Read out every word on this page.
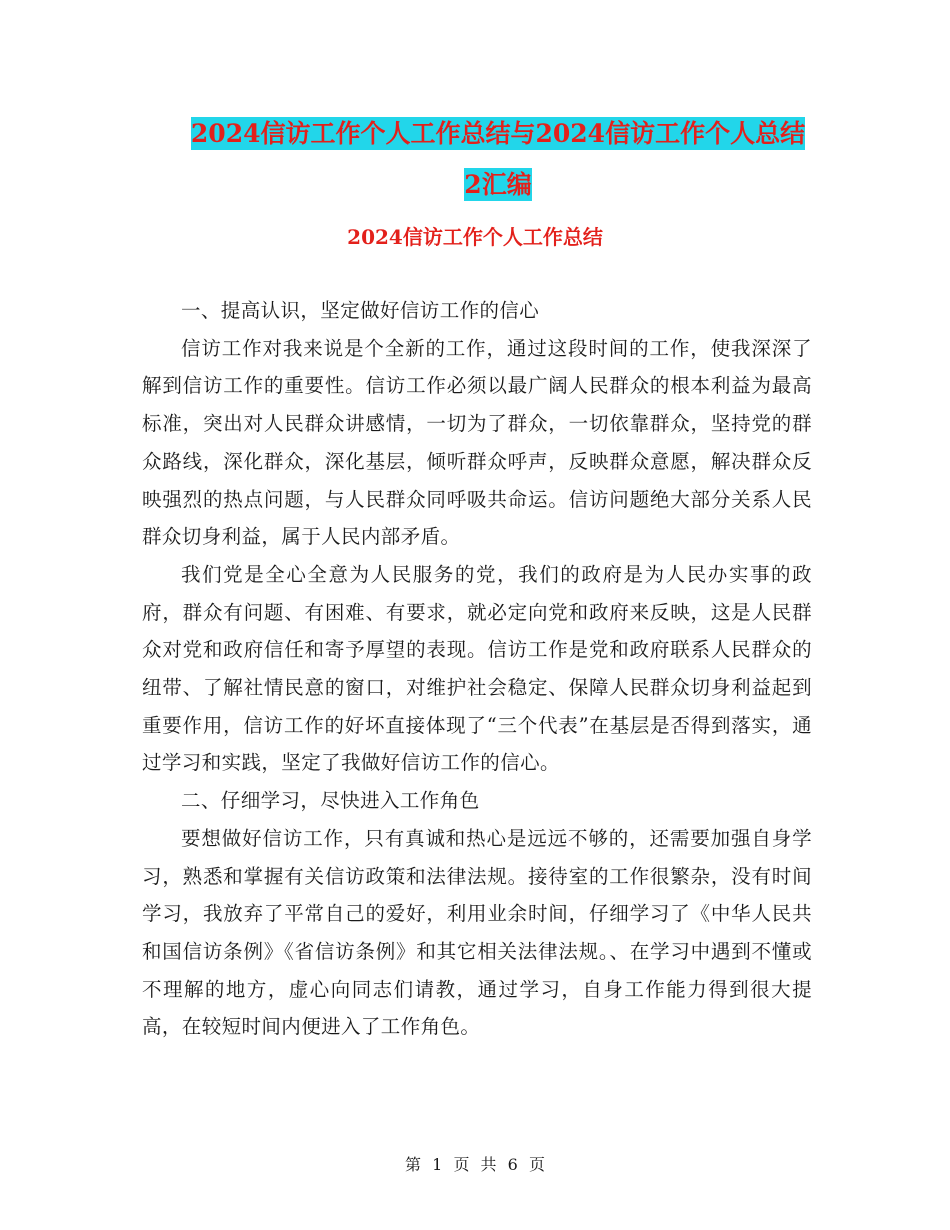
2024信访工作个人工作总结与2024信访工作个人总结
2汇编
2024信访工作个人工作总结

一、提高认识，坚定做好信访工作的信心

信访工作对我来说是个全新的工作，通过这段时间的工作，使我深深了解到信访工作的重要性。信访工作必须以最广阔人民群众的根本利益为最高标准，突出对人民群众讲感情，一切为了群众，一切依靠群众，坚持党的群众路线，深化群众，深化基层，倾听群众呼声，反映群众意愿，解决群众反映强烈的热点问题，与人民群众同呼吸共命运。信访问题绝大部分关系人民群众切身利益，属于人民内部矛盾。

我们党是全心全意为人民服务的党，我们的政府是为人民办实事的政府，群众有问题、有困难、有要求，就必定向党和政府来反映，这是人民群众对党和政府信任和寄予厚望的表现。信访工作是党和政府联系人民群众的纽带、了解社情民意的窗口，对维护社会稳定、保障人民群众切身利益起到重要作用，信访工作的好坏直接体现了“三个代表”在基层是否得到落实，通过学习和实践，坚定了我做好信访工作的信心。

二、仔细学习，尽快进入工作角色

要想做好信访工作，只有真诚和热心是远远不够的，还需要加强自身学习，熟悉和掌握有关信访政策和法律法规。接待室的工作很繁杂，没有时间学习，我放弃了平常自己的爱好，利用业余时间，仔细学习了《中华人民共和国信访条例》《省信访条例》和其它相关法律法规。、在学习中遇到不懂或不理解的地方，虚心向同志们请教，通过学习，自身工作能力得到很大提高，在较短时间内便进入了工作角色。

第 1 页 共 6 页
